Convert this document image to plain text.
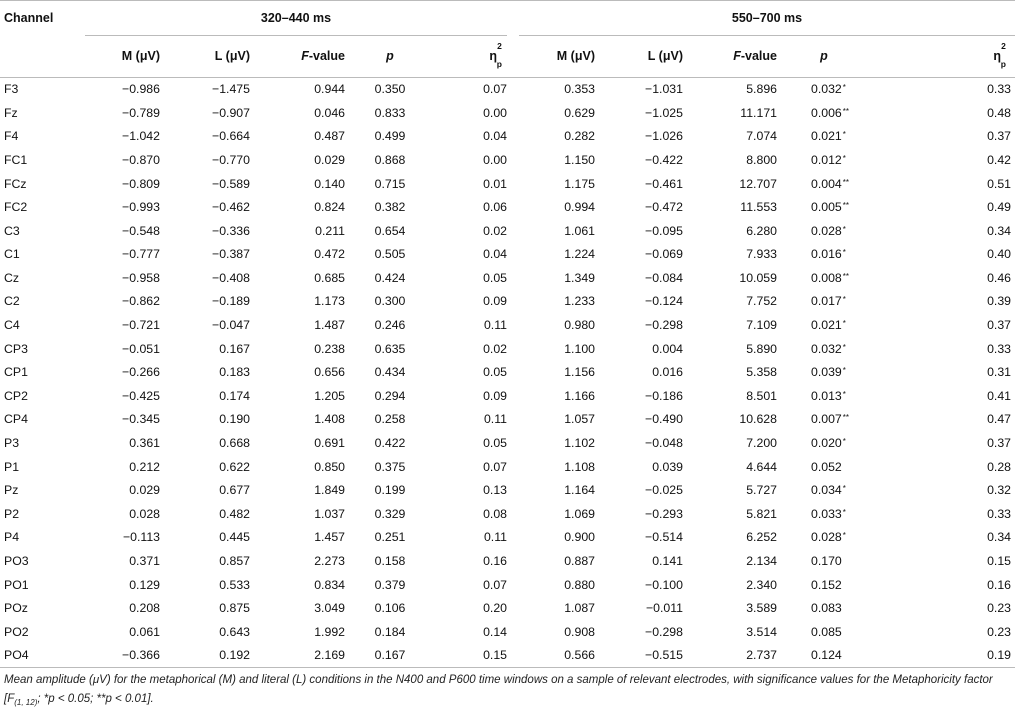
Channel	320–440 ms						550–700 ms				
	M (μV)	L (μV)	F-value	p	$\eta^2_p$		M (μV)	L (μV)	F-value	p	$\eta^2_p$
F3	−0.986	−1.475	0.944	0.350	0.07		0.353	−1.031	5.896	0.032*	0.33
Fz	−0.789	−0.907	0.046	0.833	0.00		0.629	−1.025	11.171	0.006**	0.48
F4	−1.042	−0.664	0.487	0.499	0.04		0.282	−1.026	7.074	0.021*	0.37
FC1	−0.870	−0.770	0.029	0.868	0.00		1.150	−0.422	8.800	0.012*	0.42
FCz	−0.809	−0.589	0.140	0.715	0.01		1.175	−0.461	12.707	0.004**	0.51
FC2	−0.993	−0.462	0.824	0.382	0.06		0.994	−0.472	11.553	0.005**	0.49
C3	−0.548	−0.336	0.211	0.654	0.02		1.061	−0.095	6.280	0.028*	0.34
C1	−0.777	−0.387	0.472	0.505	0.04		1.224	−0.069	7.933	0.016*	0.40
Cz	−0.958	−0.408	0.685	0.424	0.05		1.349	−0.084	10.059	0.008**	0.46
C2	−0.862	−0.189	1.173	0.300	0.09		1.233	−0.124	7.752	0.017*	0.39
C4	−0.721	−0.047	1.487	0.246	0.11		0.980	−0.298	7.109	0.021*	0.37
CP3	−0.051	0.167	0.238	0.635	0.02		1.100	0.004	5.890	0.032*	0.33
CP1	−0.266	0.183	0.656	0.434	0.05		1.156	0.016	5.358	0.039*	0.31
CP2	−0.425	0.174	1.205	0.294	0.09		1.166	−0.186	8.501	0.013*	0.41
CP4	−0.345	0.190	1.408	0.258	0.11		1.057	−0.490	10.628	0.007**	0.47
P3	0.361	0.668	0.691	0.422	0.05		1.102	−0.048	7.200	0.020*	0.37
P1	0.212	0.622	0.850	0.375	0.07		1.108	0.039	4.644	0.052	0.28
Pz	0.029	0.677	1.849	0.199	0.13		1.164	−0.025	5.727	0.034*	0.32
P2	0.028	0.482	1.037	0.329	0.08		1.069	−0.293	5.821	0.033*	0.33
P4	−0.113	0.445	1.457	0.251	0.11		0.900	−0.514	6.252	0.028*	0.34
PO3	0.371	0.857	2.273	0.158	0.16		0.887	0.141	2.134	0.170	0.15
PO1	0.129	0.533	0.834	0.379	0.07		0.880	−0.100	2.340	0.152	0.16
POz	0.208	0.875	3.049	0.106	0.20		1.087	−0.011	3.589	0.083	0.23
PO2	0.061	0.643	1.992	0.184	0.14		0.908	−0.298	3.514	0.085	0.23
PO4	−0.366	0.192	2.169	0.167	0.15		0.566	−0.515	2.737	0.124	0.19
Mean amplitude (μV) for the metaphorical (M) and literal (L) conditions in the N400 and P600 time windows on a sample of relevant electrodes, with significance values for the Metaphoricity factor [$F_{(1, 12)}$; *p < 0.05; **p < 0.01].
